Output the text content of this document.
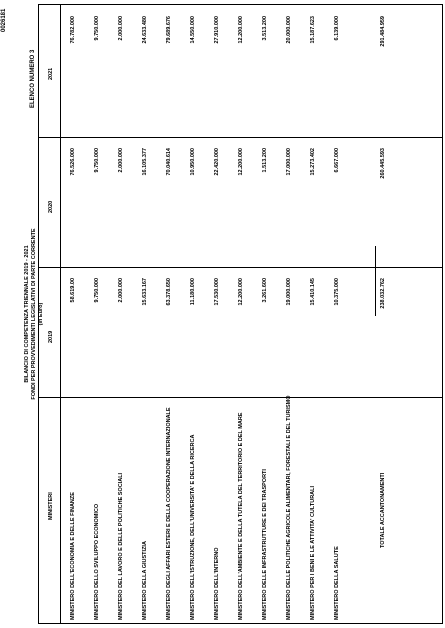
0026181
ELENCO NUMERO 3
BILANCIO DI COMPETENZA TRIENNALE 2019 - 2021 FONDI PER PROVVEDIMENTI LEGISLATIVI DI PARTE CORRENTE (in Euro)
MINISTERI
2019
2020
2021
MINISTERO DELL'ECONOMIA E DELLE FINANZE
58.619.00
76.526.000
76.782.000
MINISTERO DELLO SVILUPPO ECONOMICO
9.750.000
9.750.000
9.750.000
MINISTERO DEL LAVORO E DELLE POLITICHE SOCIALI
2.000.000
2.000.000
2.000.000
MINISTERO DELLA GIUSTIZIA
15.633.167
16.105.377
24.633.480
MINISTERO DEGLI AFFARI ESTERI E DELLA COOPERAZIONE INTERNAZIONALE
63.378.650
70.040.614
79.689.676
MINISTERO DELL'ISTRUZIONE, DELL'UNIVERSITA' E DELLA RICERCA
11.180.000
10.950.000
14.550.000
MINISTERO DELL'INTERNO
17.530.000
22.420.000
27.910.000
MINISTERO DELL'AMBIENTE E DELLA TUTELA DEL TERRITORIO E DEL MARE
12.200.000
12.200.000
12.200.000
MINISTERO DELLE INFRASTRUTTURE E DEI TRASPORTI
3.261.600
1.513.200
3.513.200
MINISTERO DELLE POLITICHE AGRICOLE ALIMENTARI, FORESTALI E DEL TURISMO
19.000.000
17.000.000
20.000.000
MINISTERO PER I BENI E LE ATTIVITA' CULTURALI
15.410.145
15.273.402
15.187.623
MINISTERO DELLA SALUTE
10.375.000
6.667.000
6.139.000
TOTALE ACCANTONAMENTI
238.032.762
260.445.593
291.484.959
